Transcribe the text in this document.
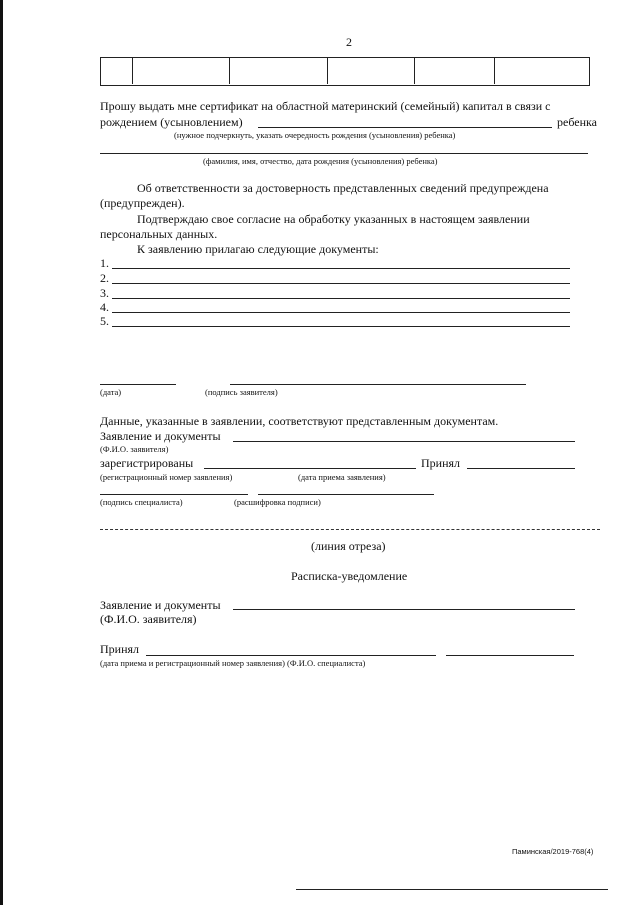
2
Прошу выдать мне сертификат на областной материнский (семейный) капитал в связи с
рождением (усыновлением)	ребенка
(нужное подчеркнуть, указать очередность рождения (усыновления) ребенка)
(фамилия, имя, отчество, дата рождения (усыновления) ребенка)
Об ответственности за достоверность представленных сведений предупреждена
(предупрежден).
Подтверждаю свое согласие на обработку указанных в настоящем заявлении
персональных данных.
К заявлению прилагаю следующие документы:
1.
2.
3.
4.
5.
(дата)	(подпись заявителя)
Данные, указанные в заявлении, соответствуют представленным документам.
Заявление и документы
(Ф.И.О. заявителя)
зарегистрированы	Принял
(регистрационный номер заявления)	(дата приема заявления)
(подпись специалиста)	(расшифровка подписи)
(линия отреза)
Расписка-уведомление
Заявление и документы
(Ф.И.О. заявителя)
Принял
(дата приема и регистрационный номер заявления) (Ф.И.О. специалиста)
Паминская/2019-768(4)
